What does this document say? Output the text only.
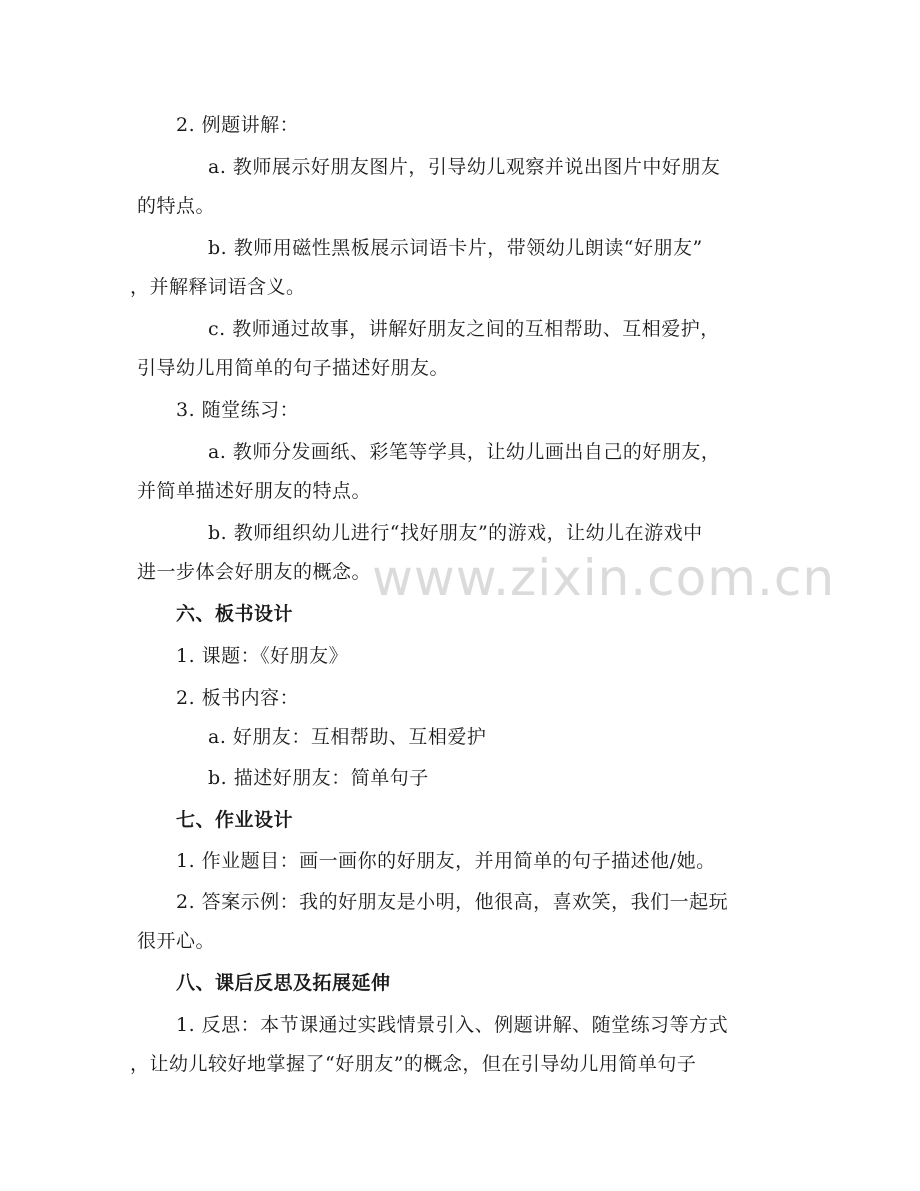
2. 例题讲解：
a. 教师展示好朋友图片，引导幼儿观察并说出图片中好朋友
的特点。
b. 教师用磁性黑板展示词语卡片，带领幼儿朗读“好朋友”
，并解释词语含义。
c. 教师通过故事，讲解好朋友之间的互相帮助、互相爱护，
引导幼儿用简单的句子描述好朋友。
3. 随堂练习：
a. 教师分发画纸、彩笔等学具，让幼儿画出自己的好朋友，
并简单描述好朋友的特点。
b. 教师组织幼儿进行“找好朋友”的游戏，让幼儿在游戏中
进一步体会好朋友的概念。
六、板书设计
1. 课题：《好朋友》
2. 板书内容：
a. 好朋友：互相帮助、互相爱护
b. 描述好朋友：简单句子
七、作业设计
1. 作业题目：画一画你的好朋友，并用简单的句子描述他/她。
2. 答案示例：我的好朋友是小明，他很高，喜欢笑，我们一起玩
很开心。
八、课后反思及拓展延伸
1. 反思：本节课通过实践情景引入、例题讲解、随堂练习等方式
，让幼儿较好地掌握了“好朋友”的概念，但在引导幼儿用简单句子
www.zixin.com.cn
